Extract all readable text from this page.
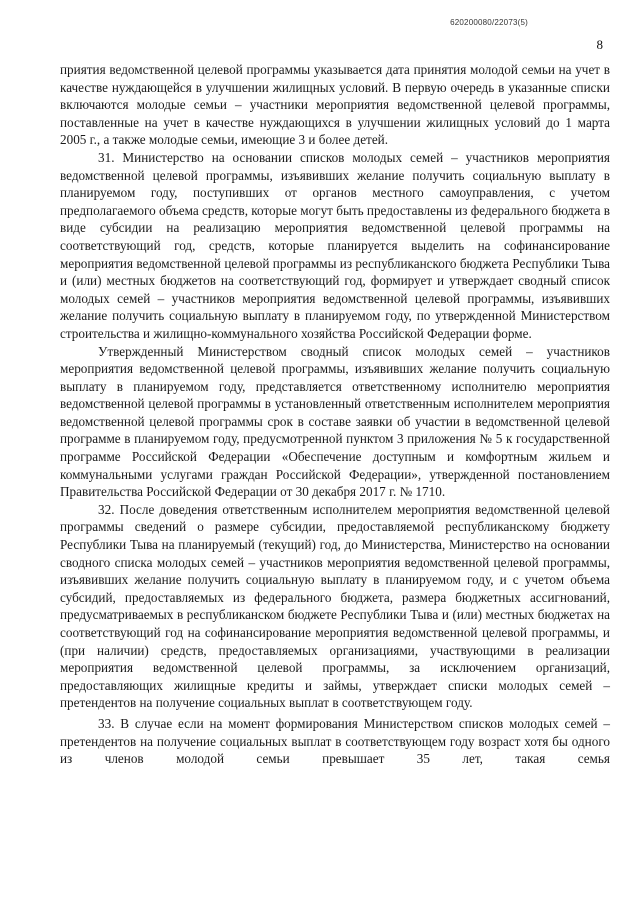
620200080/22073(5)
8

приятия ведомственной целевой программы указывается дата принятия молодой семьи на учет в качестве нуждающейся в улучшении жилищных условий. В первую очередь в указанные списки включаются молодые семьи – участники мероприятия ведомственной целевой программы, поставленные на учет в качестве нуждающихся в улучшении жилищных условий до 1 марта 2005 г., а также молодые семьи, имеющие 3 и более детей.

31. Министерство на основании списков молодых семей – участников мероприятия ведомственной целевой программы, изъявивших желание получить социальную выплату в планируемом году, поступивших от органов местного самоуправления, с учетом предполагаемого объема средств, которые могут быть предоставлены из федерального бюджета в виде субсидии на реализацию мероприятия ведомственной целевой программы на соответствующий год, средств, которые планируется выделить на софинансирование мероприятия ведомственной целевой программы из республиканского бюджета Республики Тыва и (или) местных бюджетов на соответствующий год, формирует и утверждает сводный список молодых семей – участников мероприятия ведомственной целевой программы, изъявивших желание получить социальную выплату в планируемом году, по утвержденной Министерством строительства и жилищно-коммунального хозяйства Российской Федерации форме.

Утвержденный Министерством сводный список молодых семей – участников мероприятия ведомственной целевой программы, изъявивших желание получить социальную выплату в планируемом году, представляется ответственному исполнителю мероприятия ведомственной целевой программы в установленный ответственным исполнителем мероприятия ведомственной целевой программы срок в составе заявки об участии в ведомственной целевой программе в планируемом году, предусмотренной пунктом 3 приложения № 5 к государственной программе Российской Федерации «Обеспечение доступным и комфортным жильем и коммунальными услугами граждан Российской Федерации», утвержденной постановлением Правительства Российской Федерации от 30 декабря 2017 г. № 1710.

32. После доведения ответственным исполнителем мероприятия ведомственной целевой программы сведений о размере субсидии, предоставляемой республиканскому бюджету Республики Тыва на планируемый (текущий) год, до Министерства, Министерство на основании сводного списка молодых семей – участников мероприятия ведомственной целевой программы, изъявивших желание получить социальную выплату в планируемом году, и с учетом объема субсидий, предоставляемых из федерального бюджета, размера бюджетных ассигнований, предусматриваемых в республиканском бюджете Республики Тыва и (или) местных бюджетах на соответствующий год на софинансирование мероприятия ведомственной целевой программы, и (при наличии) средств, предоставляемых организациями, участвующими в реализации мероприятия ведомственной целевой программы, за исключением организаций, предоставляющих жилищные кредиты и займы, утверждает списки молодых семей – претендентов на получение социальных выплат в соответствующем году.

33. В случае если на момент формирования Министерством списков молодых семей – претендентов на получение социальных выплат в соответствующем году возраст хотя бы одного из членов молодой семьи превышает 35 лет, такая семья
